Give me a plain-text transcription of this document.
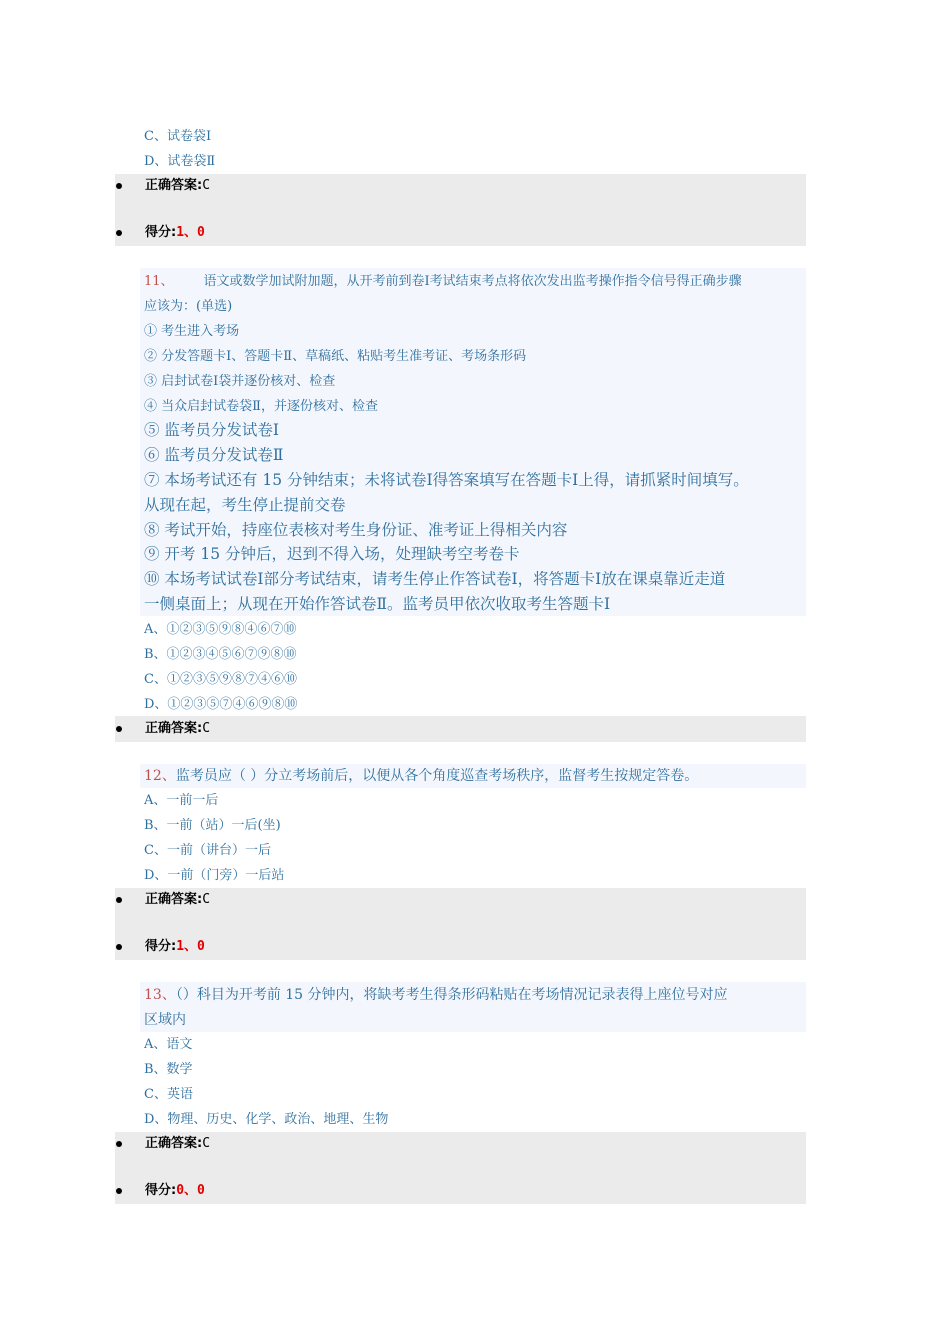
C、试卷袋Ⅰ
D、试卷袋Ⅱ
正确答案:C
得分:1、0
11、 语文或数学加试附加题，从开考前到卷Ⅰ考试结束考点将依次发出监考操作指令信号得正确步骤
应该为：(单选)
① 考生进入考场
② 分发答题卡Ⅰ、答题卡Ⅱ、草稿纸、粘贴考生准考证、考场条形码
③ 启封试卷Ⅰ袋并逐份核对、检查
④ 当众启封试卷袋Ⅱ，并逐份核对、检查
⑤ 监考员分发试卷Ⅰ
⑥ 监考员分发试卷Ⅱ
⑦ 本场考试还有 15 分钟结束；未将试卷Ⅰ得答案填写在答题卡Ⅰ上得，请抓紧时间填写。
从现在起，考生停止提前交卷
⑧ 考试开始，持座位表核对考生身份证、准考证上得相关内容
⑨ 开考 15 分钟后，迟到不得入场，处理缺考空考卷卡
⑩ 本场考试试卷Ⅰ部分考试结束，请考生停止作答试卷Ⅰ，将答题卡Ⅰ放在课桌靠近走道
一侧桌面上；从现在开始作答试卷Ⅱ。监考员甲依次收取考生答题卡Ⅰ
A、①②③⑤⑨⑧④⑥⑦⑩
B、①②③④⑤⑥⑦⑨⑧⑩
C、①②③⑤⑨⑧⑦④⑥⑩
D、①②③⑤⑦④⑥⑨⑧⑩
正确答案:C
12、监考员应（ ）分立考场前后，以便从各个角度巡查考场秩序，监督考生按规定答卷。
A、一前一后
B、一前（站）一后(坐)
C、一前（讲台）一后
D、一前（门旁）一后站
正确答案:C
得分:1、0
13、（）科目为开考前 15 分钟内，将缺考考生得条形码粘贴在考场情况记录表得上座位号对应
区域内
A、语文
B、数学
C、英语
D、物理、历史、化学、政治、地理、生物
正确答案:C
得分:0、0
